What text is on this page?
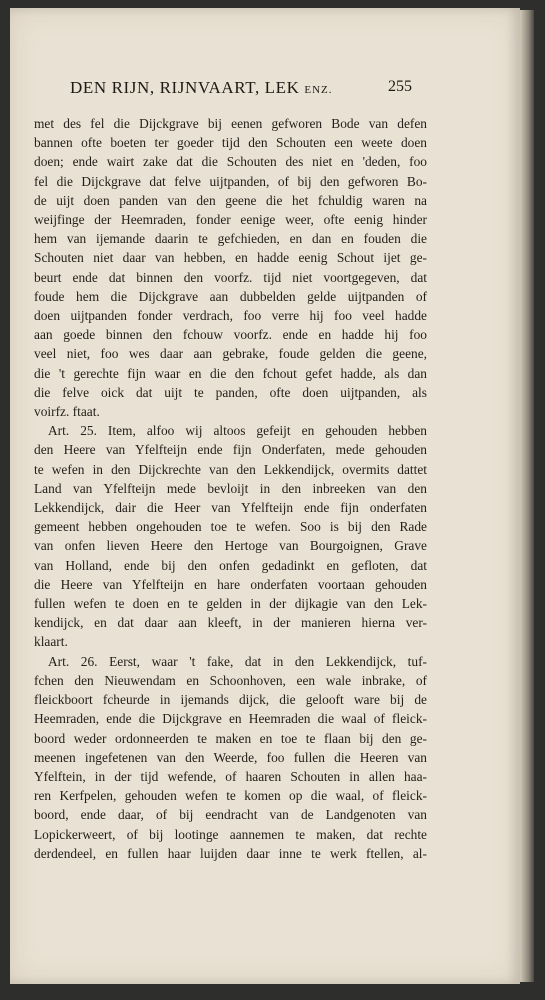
DEN RIJN, RIJNVAART, LEK ENZ.	255
met des fel die Dijckgrave bij eenen gefworen Bode van defen
bannen ofte boeten ter goeder tijd den Schouten een weete doen
doen; ende wairt zake dat die Schouten des niet en 'deden, foo
fel die Dijckgrave dat felve uijtpanden, of bij den gefworen Bo-
de uijt doen panden van den geene die het fchuldig waren na
weijfinge der Heemraden, fonder eenige weer, ofte eenig hinder
hem van ijemande daarin te gefchieden, en dan en fouden die
Schouten niet daar van hebben, en hadde eenig Schout ijet ge-
beurt ende dat binnen den voorfz. tijd niet voortgegeven, dat
foude hem die Dijckgrave aan dubbelden gelde uijtpanden of
doen uijtpanden fonder verdrach, foo verre hij foo veel hadde
aan goede binnen den fchouw voorfz. ende en hadde hij foo
veel niet, foo wes daar aan gebrake, foude gelden die geene,
die 't gerechte fijn waar en die den fchout gefet hadde, als dan
die felve oick dat uijt te panden, ofte doen uijtpanden, als
voirfz. ftaat.
Art. 25. Item, alfoo wij altoos gefeijt en gehouden hebben
den Heere van Yfelfteijn ende fijn Onderfaten, mede gehouden
te wefen in den Dijckrechte van den Lekkendijck, overmits dattet
Land van Yfelfteijn mede bevloijt in den inbreeken van den
Lekkendijck, dair die Heer van Yfelfteijn ende fijn onderfaten
gemeent hebben ongehouden toe te wefen. Soo is bij den Rade
van onfen lieven Heere den Hertoge van Bourgoignen, Grave
van Holland, ende bij den onfen gedadinkt en gefloten, dat
die Heere van Yfelfteijn en hare onderfaten voortaan gehouden
fullen wefen te doen en te gelden in der dijkagie van den Lek-
kendijck, en dat daar aan kleeft, in der manieren hierna ver-
klaart.
Art. 26. Eerst, waar 't fake, dat in den Lekkendijck, tuf-
fchen den Nieuwendam en Schoonhoven, een wale inbrake, of
fleickboort fcheurde in ijemands dijck, die gelooft ware bij de
Heemraden, ende die Dijckgrave en Heemraden die waal of fleick-
boord weder ordonneerden te maken en toe te flaan bij den ge-
meenen ingefetenen van den Weerde, foo fullen die Heeren van
Yfelftein, in der tijd wefende, of haaren Schouten in allen haa-
ren Kerfpelen, gehouden wefen te komen op die waal, of fleick-
boord, ende daar, of bij eendracht van de Landgenoten van
Lopickerweert, of bij lootinge aannemen te maken, dat rechte
derdendeel, en fullen haar luijden daar inne te werk ftellen, al-
